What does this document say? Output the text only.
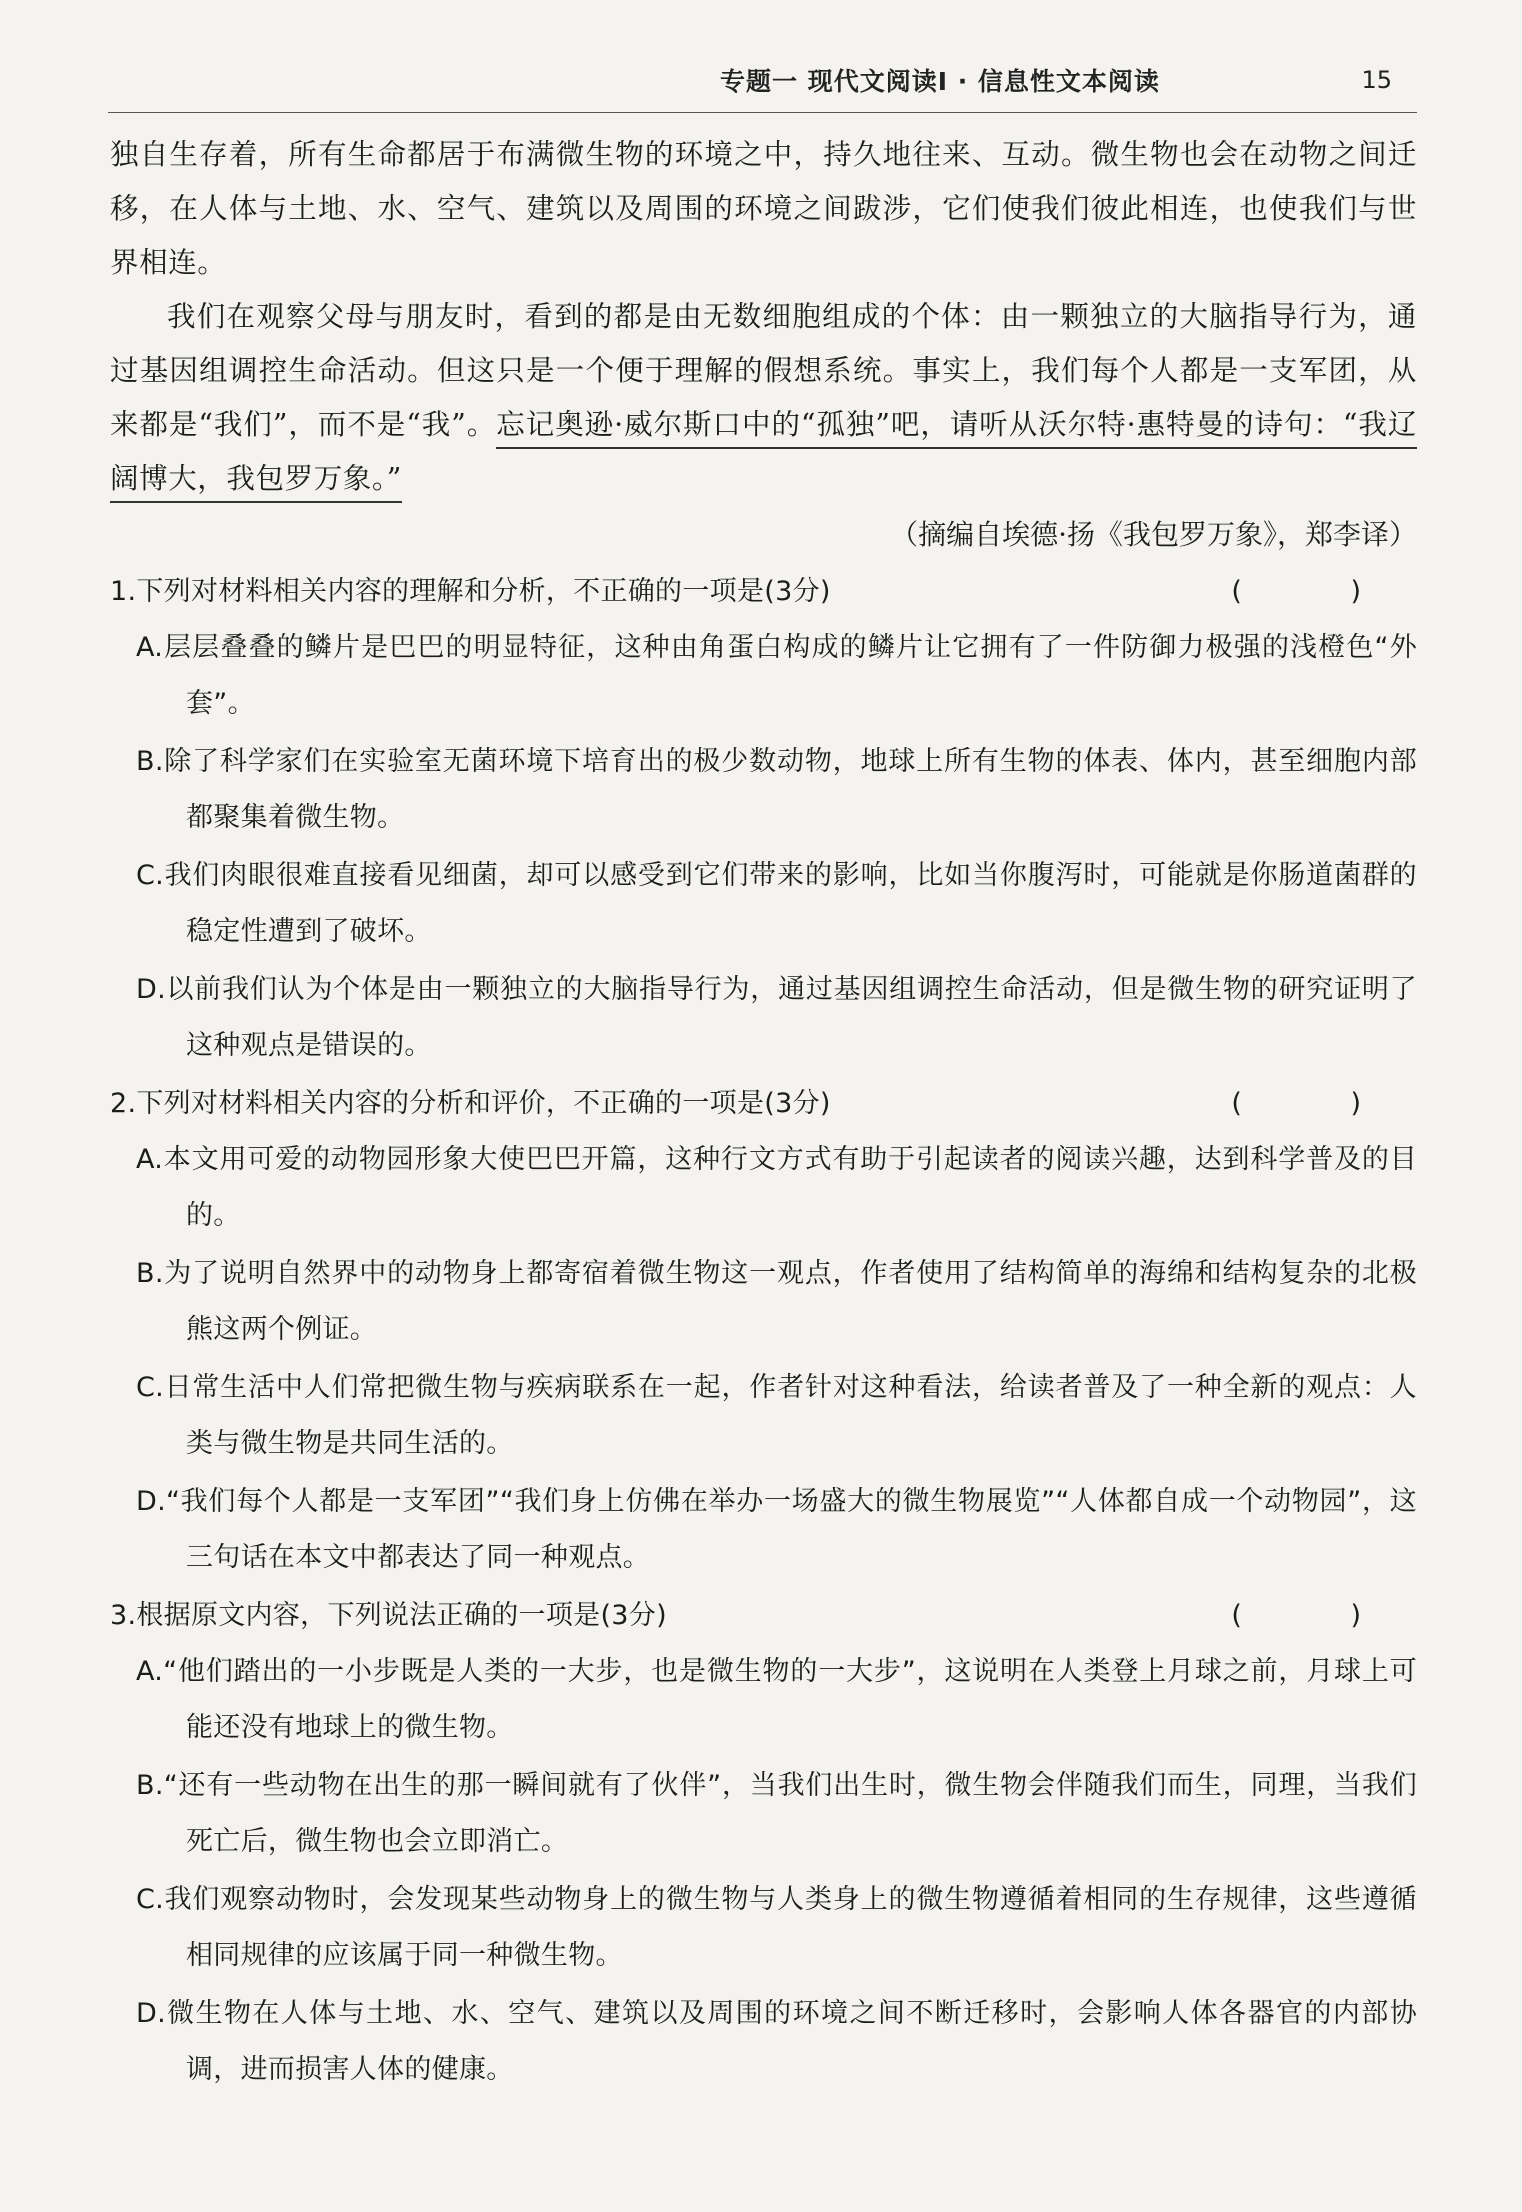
专题一 现代文阅读Ⅰ · 信息性文本阅读	15

独自生存着，所有生命都居于布满微生物的环境之中，持久地往来、互动。微生物也会在动物之间迁移，在人体与土地、水、空气、建筑以及周围的环境之间跋涉，它们使我们彼此相连，也使我们与世界相连。

我们在观察父母与朋友时，看到的都是由无数细胞组成的个体：由一颗独立的大脑指导行为，通过基因组调控生命活动。但这只是一个便于理解的假想系统。事实上，我们每个人都是一支军团，从来都是“我们”，而不是“我”。忘记奥逊·威尔斯口中的“孤独”吧，请听从沃尔特·惠特曼的诗句：“我辽阔博大，我包罗万象。”

（摘编自埃德·扬《我包罗万象》，郑李译）

1.下列对材料相关内容的理解和分析，不正确的一项是(3分)	( )

A.层层叠叠的鳞片是巴巴的明显特征，这种由角蛋白构成的鳞片让它拥有了一件防御力极强的浅橙色“外套”。

B.除了科学家们在实验室无菌环境下培育出的极少数动物，地球上所有生物的体表、体内，甚至细胞内部都聚集着微生物。

C.我们肉眼很难直接看见细菌，却可以感受到它们带来的影响，比如当你腹泻时，可能就是你肠道菌群的稳定性遭到了破坏。

D.以前我们认为个体是由一颗独立的大脑指导行为，通过基因组调控生命活动，但是微生物的研究证明了这种观点是错误的。

2.下列对材料相关内容的分析和评价，不正确的一项是(3分)	( )

A.本文用可爱的动物园形象大使巴巴开篇，这种行文方式有助于引起读者的阅读兴趣，达到科学普及的目的。

B.为了说明自然界中的动物身上都寄宿着微生物这一观点，作者使用了结构简单的海绵和结构复杂的北极熊这两个例证。

C.日常生活中人们常把微生物与疾病联系在一起，作者针对这种看法，给读者普及了一种全新的观点：人类与微生物是共同生活的。

D.“我们每个人都是一支军团”“我们身上仿佛在举办一场盛大的微生物展览”“人体都自成一个动物园”，这三句话在本文中都表达了同一种观点。

3.根据原文内容，下列说法正确的一项是(3分)	( )

A.“他们踏出的一小步既是人类的一大步，也是微生物的一大步”，这说明在人类登上月球之前，月球上可能还没有地球上的微生物。

B.“还有一些动物在出生的那一瞬间就有了伙伴”，当我们出生时，微生物会伴随我们而生，同理，当我们死亡后，微生物也会立即消亡。

C.我们观察动物时，会发现某些动物身上的微生物与人类身上的微生物遵循着相同的生存规律，这些遵循相同规律的应该属于同一种微生物。

D.微生物在人体与土地、水、空气、建筑以及周围的环境之间不断迁移时，会影响人体各器官的内部协调，进而损害人体的健康。
